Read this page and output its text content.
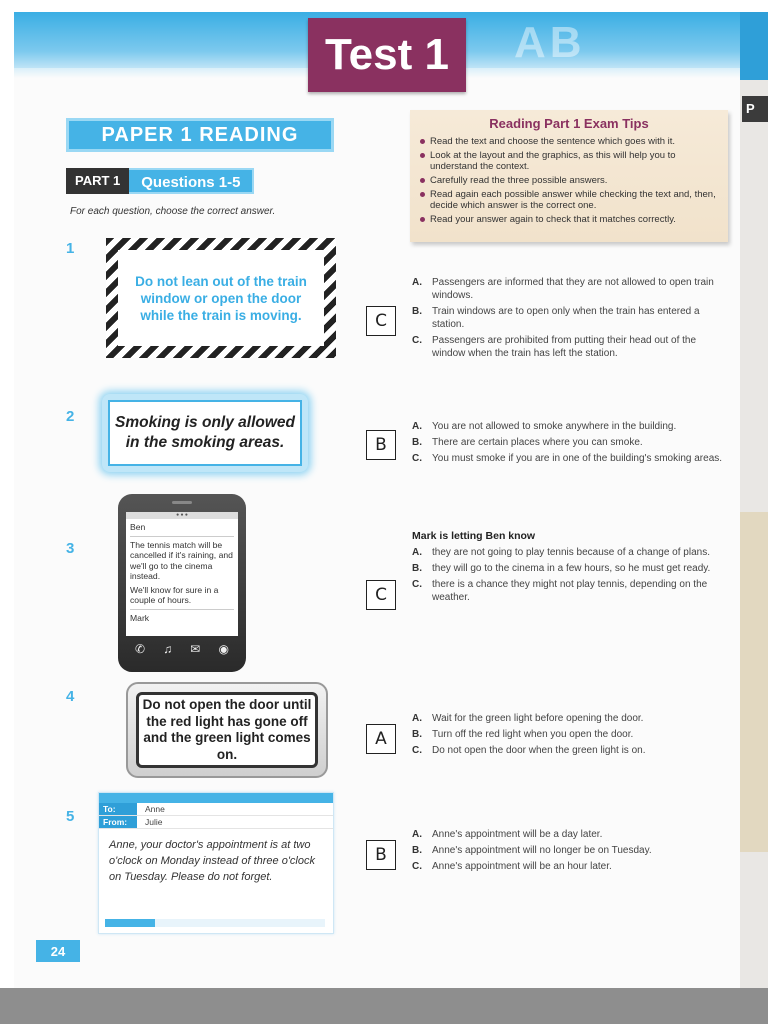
AB
Test 1
PAPER 1 READING
PART 1	Questions 1-5
For each question, choose the correct answer.
Reading Part 1 Exam Tips
Read the text and choose the sentence which goes with it.
Look at the layout and the graphics, as this will help you to understand the context.
Carefully read the three possible answers.
Read again each possible answer while checking the text and, then, decide which answer is the correct one.
Read your answer again to check that it matches correctly.
1
Do not lean out of the train window or open the door while the train is moving.	C
A.	Passengers are informed that they are not allowed to open train windows.
B.	Train windows are to open only when the train has entered a station.
C.	Passengers are prohibited from putting their head out of the window when the train has left the station.
2	Smoking is only allowed in the smoking areas.	B
A.	You are not allowed to smoke anywhere in the building.
B.	There are certain places where you can smoke.
C.	You must smoke if you are in one of the building's smoking areas.
3
● ● ●

Ben

The tennis match will be cancelled if it's raining, and we'll go to the cinema instead.

We'll know for sure in a couple of hours.

Mark

✆ ♫ ✉ ◉
C
Mark is letting Ben know
A.	they are not going to play tennis because of a change of plans.
B.	they will go to the cinema in a few hours, so he must get ready.
C.	there is a chance they might not play tennis, depending on the weather.
4	Do not open the door until the red light has gone off and the green light comes on.
A
A.	Wait for the green light before opening the door.
B.	Turn off the red light when you open the door.
C.	Do not open the door when the green light is on.
5	To:	Anne
From:	Julie
Anne, your doctor's appointment is at two o'clock on Monday instead of three o'clock on Tuesday. Please do not forget.
B
A.	Anne's appointment will be a day later.
B.	Anne's appointment will no longer be on Tuesday.
C.	Anne's appointment will be an hour later.
24
P
